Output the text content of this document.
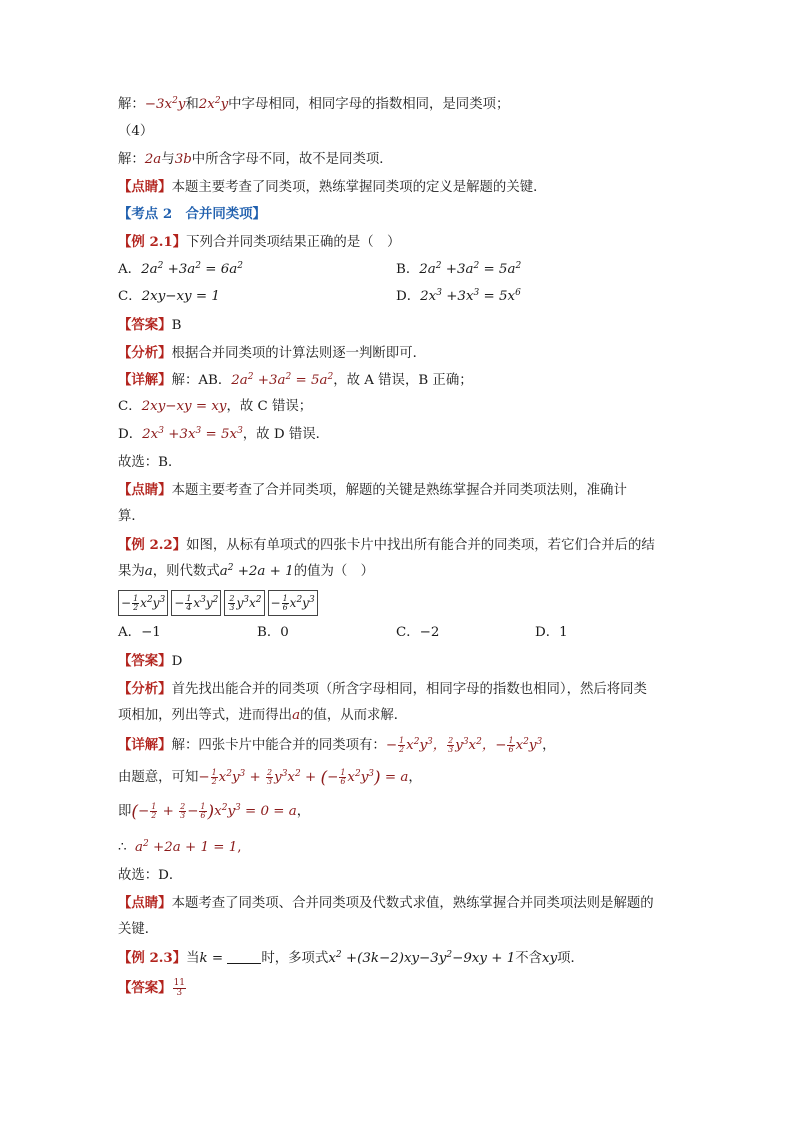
解：$-3x^2y$和$2x^2y$中字母相同，相同字母的指数相同，是同类项；
（4）
解：2a与3b中所含字母不同，故不是同类项．
【点睛】本题主要考查了同类项，熟练掌握同类项的定义是解题的关键．
【考点 2　合并同类项】
【例 2.1】下列合并同类项结果正确的是（　）
A．$2a^2 +3a^2 = 6a^2$	B．$2a^2 +3a^2 = 5a^2$
C．2xy−xy = 1	D．$2x^3 +3x^3 = 5x^6$
【答案】B
【分析】根据合并同类项的计算法则逐一判断即可．
【详解】解：AB．$2a^2 +3a^2 = 5a^2$，故 A 错误，B 正确；
C．2xy−xy = xy，故 C 错误；
D．$2x^3 +3x^3 = 5x^3$，故 D 错误．
故选：B．
【点睛】本题主要考查了合并同类项，解题的关键是熟练掌握合并同类项法则，准确计
算．
【例 2.2】如图，从标有单项式的四张卡片中找出所有能合并的同类项，若它们合并后的结
果为a，则代数式$a^2 +2a + 1$的值为（　）
− $\frac{1}{2} x^2y^3 - \frac{1}{4} x^3y^2 \frac{2}{3} y^3x^2 - \frac{1}{6} x^2y^3$
A．−1	B．0	C．−2	D．1
【答案】D
【分析】首先找出能合并的同类项（所含字母相同，相同字母的指数也相同），然后将同类
项相加，列出等式，进而得出a的值，从而求解．
【详解】解：四张卡片中能合并的同类项有：− $\frac{1}{2} x^2y^3$， $\frac{2}{3} y^3x^2$，− $\frac{1}{6} x^2y^3$，
由题意，可知− $\frac{1}{2} x^2y^3 + \frac{2}{3} y^3x^2$ + (− $\frac{1}{6} x^2y^3) = a$，
即(− $\frac{1}{2} + \frac{2}{3} - \frac{1}{6} )x^2y^3 = 0 = a$，
∴ $a^2 +2a + 1 = 1$,
故选：D．
【点睛】本题考查了同类项、合并同类项及代数式求值，熟练掌握合并同类项法则是解题的
关键．
【例 2.3】当k =	时，多项式$x^2 +(3k-2)xy-3y^2-9xy + 1$不含xy项．
【答案】 $\frac{11}{3}$
